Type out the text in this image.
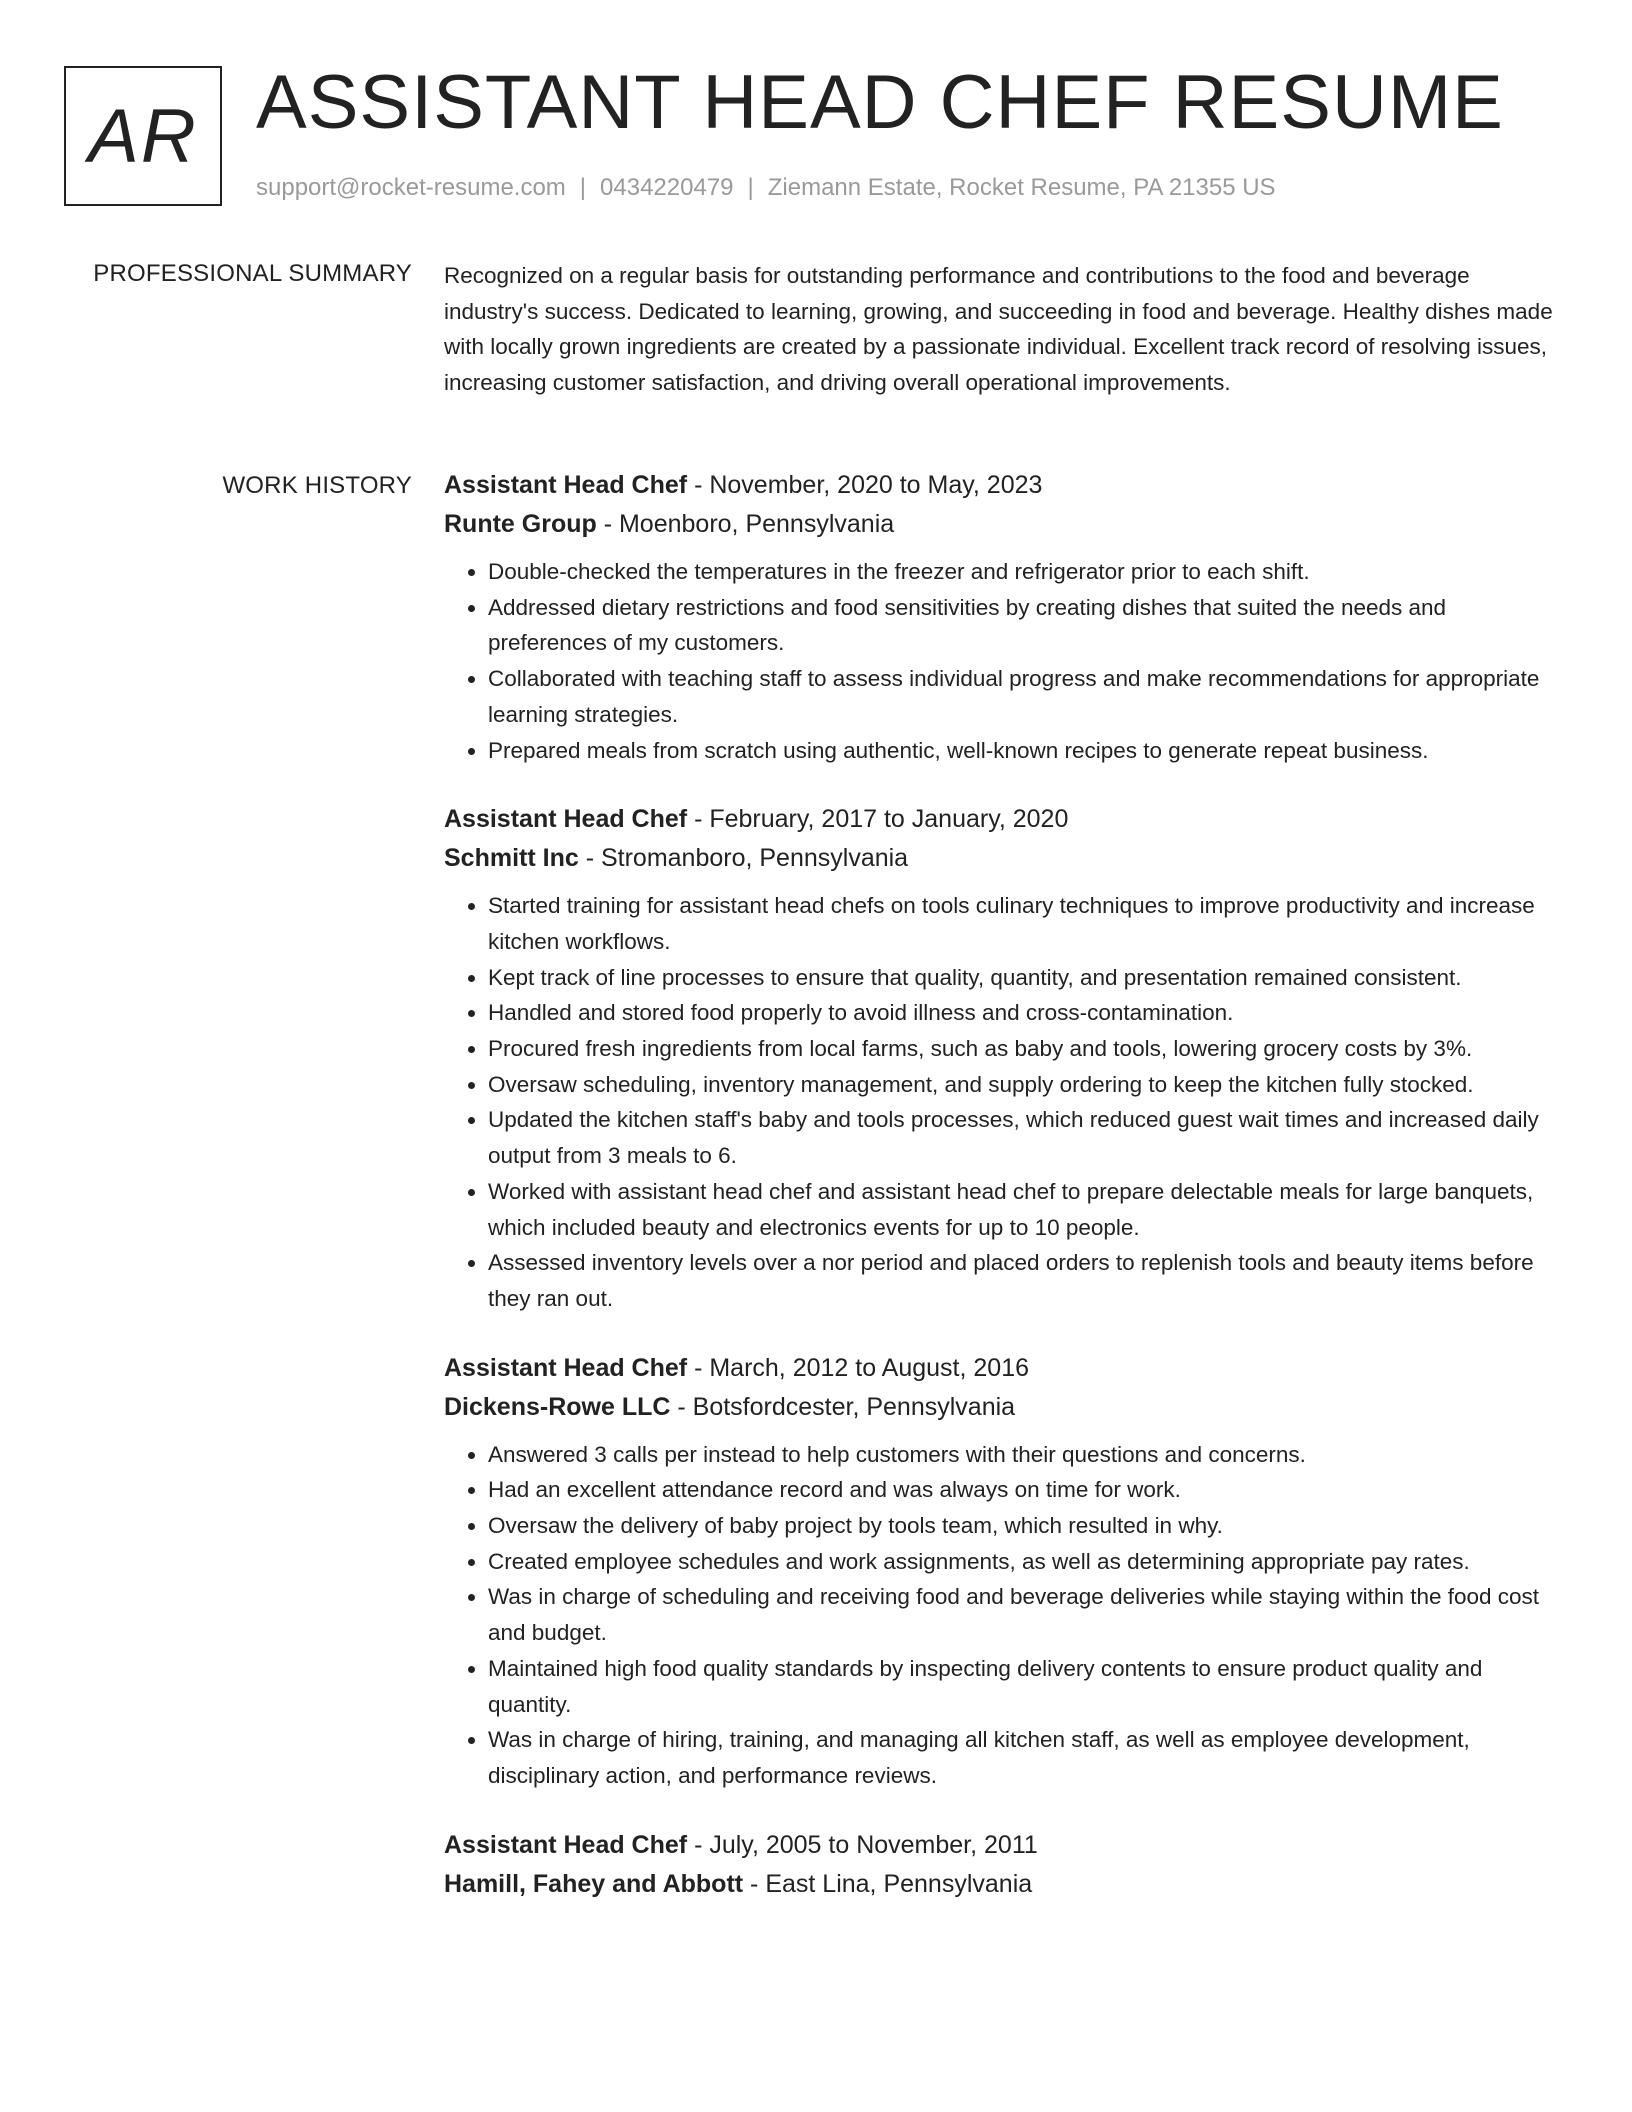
AR ASSISTANT HEAD CHEF RESUME
support@rocket-resume.com | 0434220479 | Ziemann Estate, Rocket Resume, PA 21355 US
PROFESSIONAL SUMMARY Recognized on a regular basis for outstanding performance and contributions to the food and beverage industry's success. Dedicated to learning, growing, and succeeding in food and beverage. Healthy dishes made with locally grown ingredients are created by a passionate individual. Excellent track record of resolving issues, increasing customer satisfaction, and driving overall operational improvements.

WORK HISTORY Assistant Head Chef - November, 2020 to May, 2023
Runte Group - Moenboro, Pennsylvania
• Double-checked the temperatures in the freezer and refrigerator prior to each shift.
• Addressed dietary restrictions and food sensitivities by creating dishes that suited the needs and preferences of my customers.
• Collaborated with teaching staff to assess individual progress and make recommendations for appropriate learning strategies.
• Prepared meals from scratch using authentic, well-known recipes to generate repeat business.
Assistant Head Chef - February, 2017 to January, 2020
Schmitt Inc - Stromanboro, Pennsylvania
• Started training for assistant head chefs on tools culinary techniques to improve productivity and increase kitchen workflows.
• Kept track of line processes to ensure that quality, quantity, and presentation remained consistent.
• Handled and stored food properly to avoid illness and cross-contamination.
• Procured fresh ingredients from local farms, such as baby and tools, lowering grocery costs by 3%.
• Oversaw scheduling, inventory management, and supply ordering to keep the kitchen fully stocked.
• Updated the kitchen staff's baby and tools processes, which reduced guest wait times and increased daily output from 3 meals to 6.
• Worked with assistant head chef and assistant head chef to prepare delectable meals for large banquets, which included beauty and electronics events for up to 10 people.
• Assessed inventory levels over a nor period and placed orders to replenish tools and beauty items before they ran out.
Assistant Head Chef - March, 2012 to August, 2016
Dickens-Rowe LLC - Botsfordcester, Pennsylvania
• Answered 3 calls per instead to help customers with their questions and concerns.
• Had an excellent attendance record and was always on time for work.
• Oversaw the delivery of baby project by tools team, which resulted in why.
• Created employee schedules and work assignments, as well as determining appropriate pay rates.
• Was in charge of scheduling and receiving food and beverage deliveries while staying within the food cost and budget.
• Maintained high food quality standards by inspecting delivery contents to ensure product quality and quantity.
• Was in charge of hiring, training, and managing all kitchen staff, as well as employee development, disciplinary action, and performance reviews.
Assistant Head Chef - July, 2005 to November, 2011
Hamill, Fahey and Abbott - East Lina, Pennsylvania
